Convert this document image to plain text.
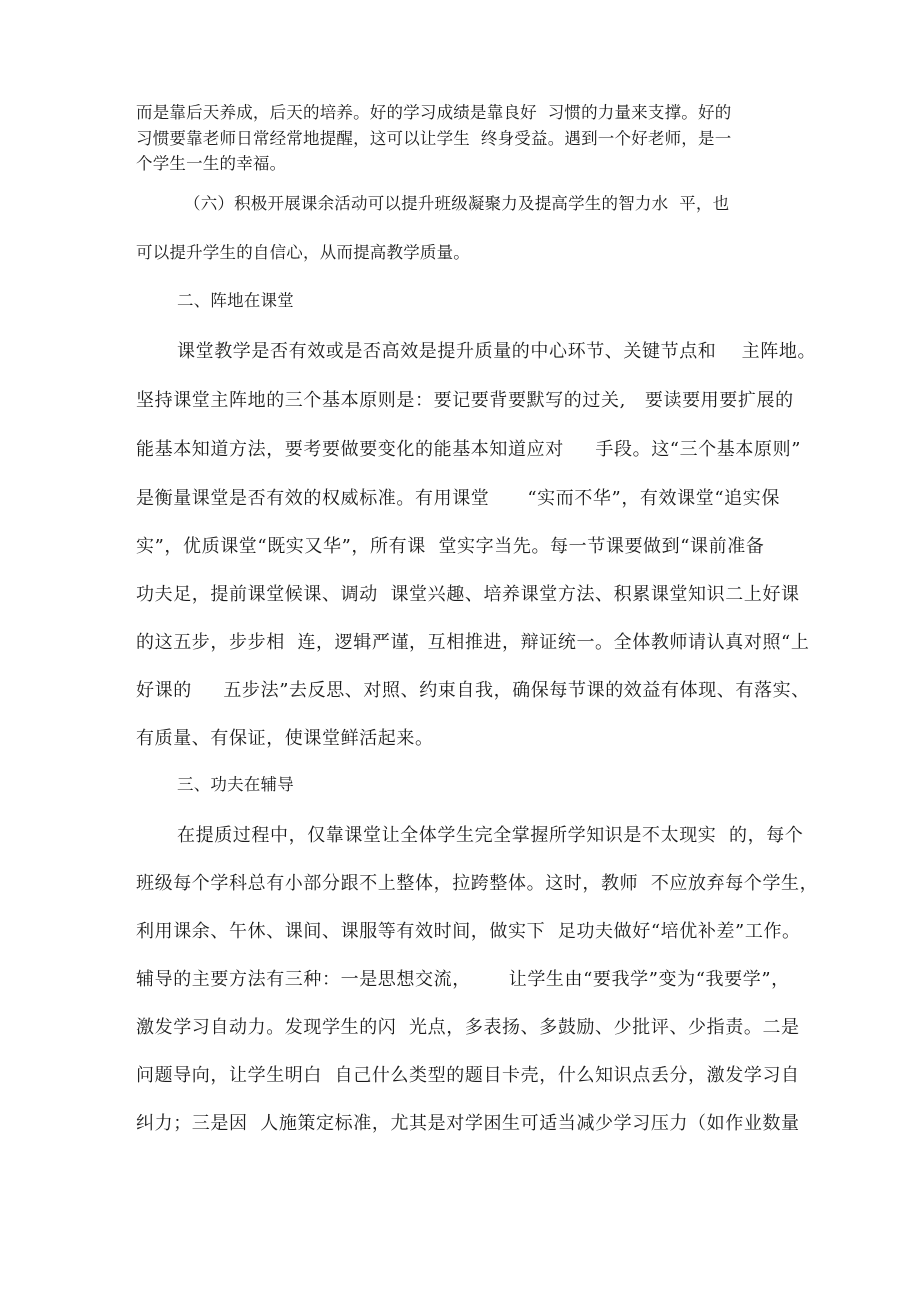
而是靠后天养成，后天的培养。好的学习成绩是靠良好  习惯的力量来支撑。好的
习惯要靠老师日常经常地提醒，这可以让学生  终身受益。遇到一个好老师，是一
个学生一生的幸福。
（六）积极开展课余活动可以提升班级凝聚力及提高学生的智力水  平，也
可以提升学生的自信心，从而提高教学质量。
二、阵地在课堂
课堂教学是否有效或是否高效是提升质量的中心环节、关键节点和    主阵地。
坚持课堂主阵地的三个基本原则是：要记要背要默写的过关,   要读要用要扩展的
能基本知道方法，要考要做要变化的能基本知道应对     手段。这“三个基本原则”
是衡量课堂是否有效的权威标准。有用课堂      “实而不华”，有效课堂“追实保
实”，优质课堂“既实又华”，所有课  堂实字当先。每一节课要做到“课前准备
功夫足，提前课堂候课、调动  课堂兴趣、培养课堂方法、积累课堂知识二上好课
的这五步，步步相  连，逻辑严谨，互相推进，辩证统一。全体教师请认真对照“上
好课的     五步法”去反思、对照、约束自我，确保每节课的效益有体现、有落实、
有质量、有保证，使课堂鲜活起来。
三、功夫在辅导
在提质过程中，仅靠课堂让全体学生完全掌握所学知识是不太现实  的，每个
班级每个学科总有小部分跟不上整体，拉跨整体。这时，教师  不应放弃每个学生，
利用课余、午休、课间、课服等有效时间，做实下  足功夫做好“培优补差”工作。
辅导的主要方法有三种：一是思想交流，      让学生由“要我学”变为“我要学”，
激发学习自动力。发现学生的闪  光点，多表扬、多鼓励、少批评、少指责。二是
问题导向，让学生明白  自己什么类型的题目卡壳，什么知识点丢分，激发学习自
纠力；三是因  人施策定标准，尤其是对学困生可适当减少学习压力（如作业数量
